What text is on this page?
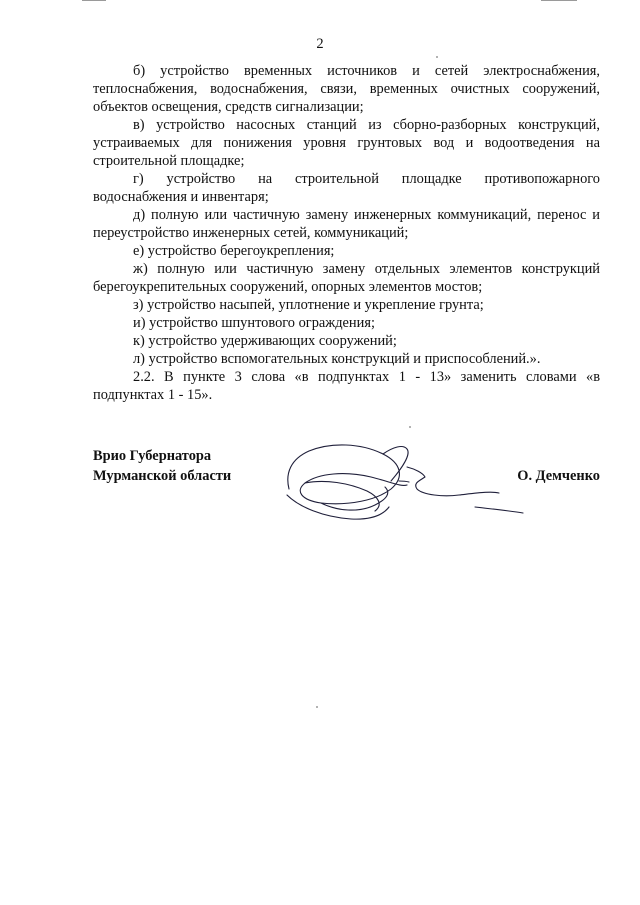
2

б) устройство временных источников и сетей электроснабжения, теплоснабжения, водоснабжения, связи, временных очистных сооружений, объектов освещения, средств сигнализации;

в) устройство насосных станций из сборно-разборных конструкций, устраиваемых для понижения уровня грунтовых вод и водоотведения на строительной площадке;

г) устройство на строительной площадке противопожарного водоснабжения и инвентаря;

д) полную или частичную замену инженерных коммуникаций, перенос и переустройство инженерных сетей, коммуникаций;

е) устройство берегоукрепления;

ж) полную или частичную замену отдельных элементов конструкций берегоукрепительных сооружений, опорных элементов мостов;

з) устройство насыпей, уплотнение и укрепление грунта;

и) устройство шпунтового ограждения;

к) устройство удерживающих сооружений;

л) устройство вспомогательных конструкций и приспособлений.».

2.2. В пункте 3 слова «в подпунктах 1 - 13» заменить словами «в подпунктах 1 - 15».

Врио Губернатора
Мурманской области	О. Демченко
